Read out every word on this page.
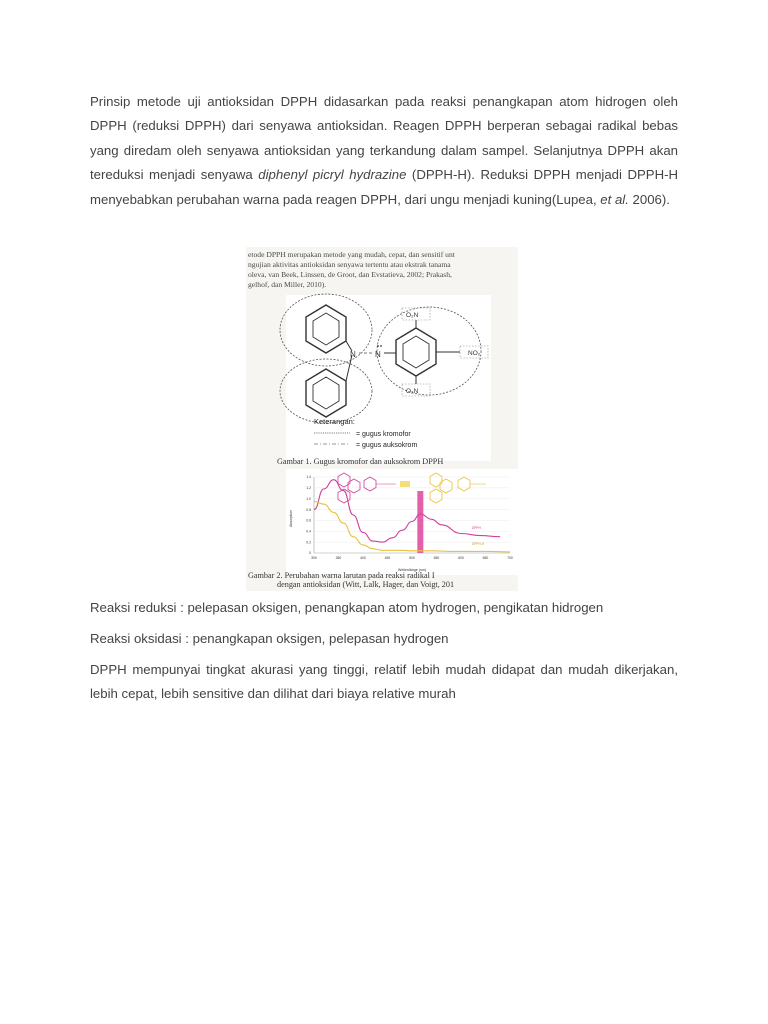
Prinsip metode uji antioksidan DPPH didasarkan pada reaksi penangkapan atom hidrogen oleh DPPH (reduksi DPPH) dari senyawa antioksidan. Reagen DPPH berperan sebagai radikal bebas yang diredam oleh senyawa antioksidan yang terkandung dalam sampel. Selanjutnya DPPH akan tereduksi menjadi senyawa diphenyl picryl hydrazine (DPPH-H). Reduksi DPPH menjadi DPPH-H menyebabkan perubahan warna pada reagen DPPH, dari ungu menjadi kuning(Lupea, et al. 2006).

etode DPPH merupakan metode yang mudah, cepat, dan sensitif unt
ngujian aktivitas antioksidan senyawa tertentu atau ekstrak tanama
oleva, van Beek, Linssen, de Groot, dan Evstatieva, 2002; Prakash,
gelhof, dan Miller, 2010).
N N
O₂N
NO₂
O₂N
Keterangan:
= gugus kromofor
= gugus auksokrom
Gambar 1. Gugus kromofor dan auksokrom DPPH
1.4
1.2
1.0
0.8
0.6
0.4
0.2
0
300	350	400	450	500	550	600	650	700
Absorption
Wellenlänge (nm)
DPPH
DPPH-H
Gambar 2. Perubahan warna larutan pada reaksi radikal I
dengan antioksidan (Witt, Lalk, Hager, dan Voigt, 201

Reaksi reduksi : pelepasan oksigen, penangkapan atom hydrogen, pengikatan hidrogen

Reaksi oksidasi : penangkapan oksigen, pelepasan hydrogen

DPPH mempunyai tingkat akurasi yang tinggi, relatif lebih mudah didapat dan mudah dikerjakan, lebih cepat, lebih sensitive dan dilihat dari biaya relative murah
